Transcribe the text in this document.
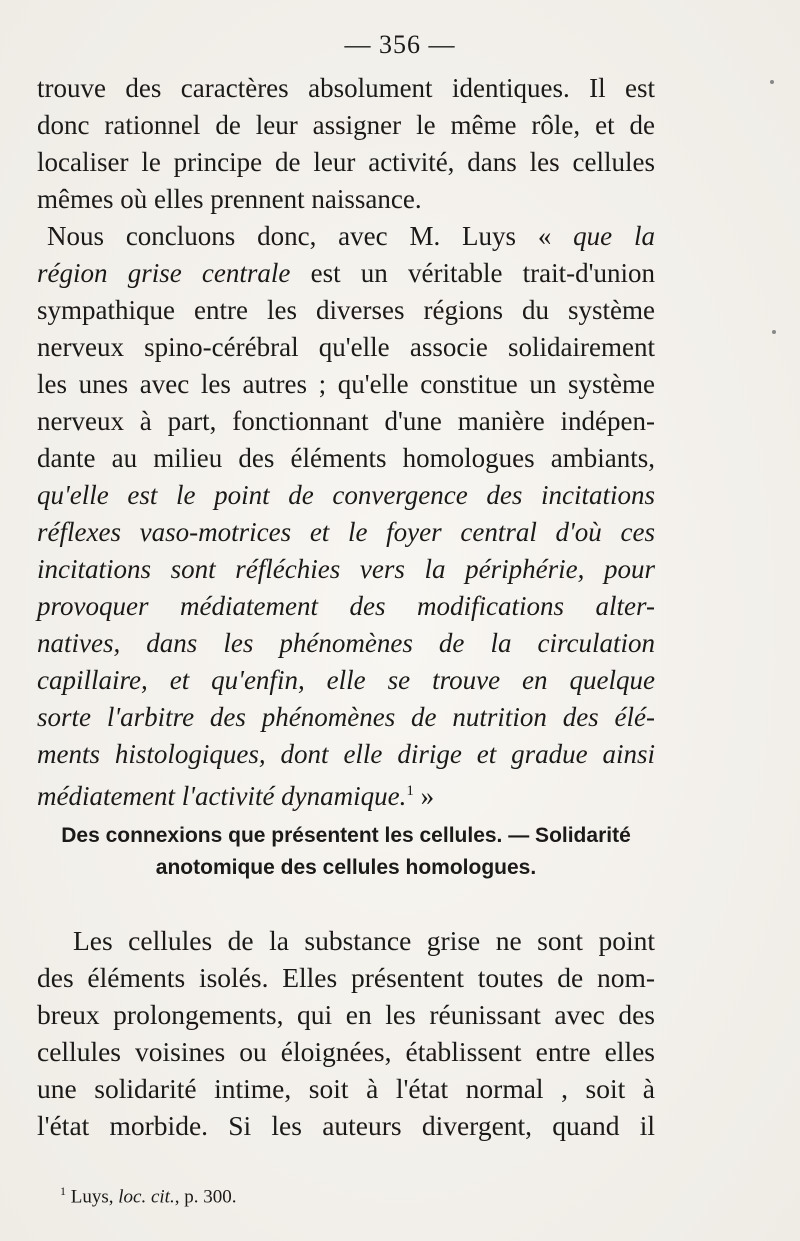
— 356 —
trouve des caractères absolument identiques. Il est
donc rationnel de leur assigner le même rôle, et de
localiser le principe de leur activité, dans les cellules
mêmes où elles prennent naissance.
Nous concluons donc, avec M. Luys « que la
région grise centrale est un véritable trait-d'union
sympathique entre les diverses régions du système
nerveux spino-cérébral qu'elle associe solidairement
les unes avec les autres ; qu'elle constitue un système
nerveux à part, fonctionnant d'une manière indépen-
dante au milieu des éléments homologues ambiants,
qu'elle est le point de convergence des incitations
réflexes vaso-motrices et le foyer central d'où ces
incitations sont réfléchies vers la périphérie, pour
provoquer médiatement des modifications alter-
natives, dans les phénomènes de la circulation
capillaire, et qu'enfin, elle se trouve en quelque
sorte l'arbitre des phénomènes de nutrition des élé-
ments histologiques, dont elle dirige et gradue ainsi
médiatement l'activité dynamique.$^1$ »
Des connexions que présentent les cellules. — Solidarité
anotomique des cellules homologues.
Les cellules de la substance grise ne sont point
des éléments isolés. Elles présentent toutes de nom-
breux prolongements, qui en les réunissant avec des
cellules voisines ou éloignées, établissent entre elles
une solidarité intime, soit à l'état normal , soit à
l'état morbide. Si les auteurs divergent, quand il
$^1$ Luys, loc. cit., p. 300.
